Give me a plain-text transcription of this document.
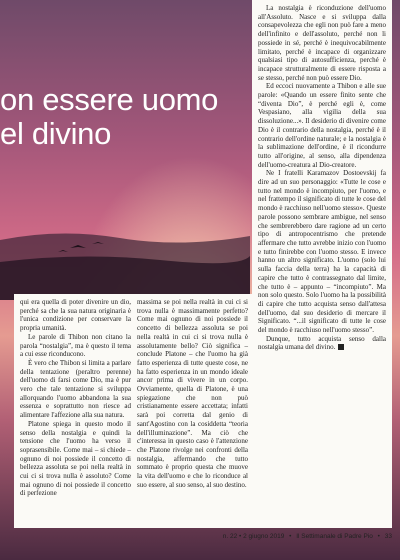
on essere uomo
el divino

La nostalgia è riconduzione dell'uomo all'Assoluto. Nasce e si sviluppa dalla consapevolezza che egli non può fare a meno dell'infinito e dell'assoluto, perché non li possiede in sé, perché è inequivocabilmente limitato, perché è incapace di organizzare qualsiasi tipo di autosufficienza, perché è incapace strutturalmente di essere risposta a se stesso, perché non può essere Dio.

Ed eccoci nuovamente a Thibon e alle sue parole: «Quando un essere finito sente che “diventa Dio”, è perché egli è, come Vespasiano, alla vigilia della sua dissoluzione...». Il desiderio di divenire come Dio è il contrario della nostalgia, perché è il contrario dell'ordine naturale; e la nostalgia è la sublimazione dell'ordine, è il ricondurre tutto all'origine, al senso, alla dipendenza dell'uomo-creatura al Dio-creatore.

Ne I fratelli Karamazov Dostoevskij fa dire ad un suo personaggio: «Tutte le cose e tutto nel mondo è incompiuto, per l'uomo, e nel frattempo il significato di tutte le cose del mondo è racchiuso nell'uomo stesso». Queste parole possono sembrare ambigue, nel senso che sembrerebbero dare ragione ad un certo tipo di antropocentrismo che pretende affermare che tutto avrebbe inizio con l'uomo e tutto finirebbe con l'uomo stesso. E invece hanno un altro significato. L'uomo (solo lui sulla faccia della terra) ha la capacità di capire che tutto è contrassegnato dal limite, che tutto è – appunto – “incompiuto”. Ma non solo questo. Solo l'uomo ha la possibilità di capire che tutto acquista senso dall'attesa dell'uomo, dal suo desiderio di mercare il Significato. “...il significato di tutte le cose del mondo è racchiuso nell'uomo stesso”.

Dunque, tutto acquista senso dalla nostalgia umana del divino.

qui era quella di poter divenire un dio, perché sa che la sua natura originaria è l'unica condizione per conservare la propria umanità.

Le parole di Thibon non citano la parola “nostalgia”, ma è questo il tema a cui esse riconducono.

È vero che Thibon si limita a parlare della tentazione (peraltro perenne) dell'uomo di farsi come Dio, ma è pur vero che tale tentazione si sviluppa allorquando l'uomo abbandona la sua essenza e soprattutto non riesce ad alimentare l'affezione alla sua natura.

Platone spiega in questo modo il senso della nostalgia e quindi la tensione che l'uomo ha verso il soprasensibile. Come mai – si chiede – ognuno di noi possiede il concetto di bellezza assoluta se poi nella realtà in cui ci si trova nulla è assoluto? Come mai ognuno di noi possiede il concetto di perfezione

massima se poi nella realtà in cui ci si trova nulla è massimamente perfetto? Come mai ognuno di noi possiede il concetto di bellezza assoluta se poi nella realtà in cui ci si trova nulla è assolutamente bello? Ciò significa – conclude Platone – che l'uomo ha già fatto esperienza di tutte queste cose, ne ha fatto esperienza in un mondo ideale ancor prima di vivere in un corpo. Ovviamente, quella di Platone, è una spiegazione che non può cristianamente essere accettata; infatti sarà poi corretta dal genio di sant'Agostino con la cosiddetta “teoria dell'illuminazione”. Ma ciò che c'interessa in questo caso è l'attenzione che Platone rivolge nei confronti della nostalgia, affermando che tutto sommato è proprio questa che muove la vita dell'uomo e che lo riconduce al suo essere, al suo senso, al suo destino.

n. 22 • 2 giugno 2019 • Il Settimanale di Padre Pio • 33
